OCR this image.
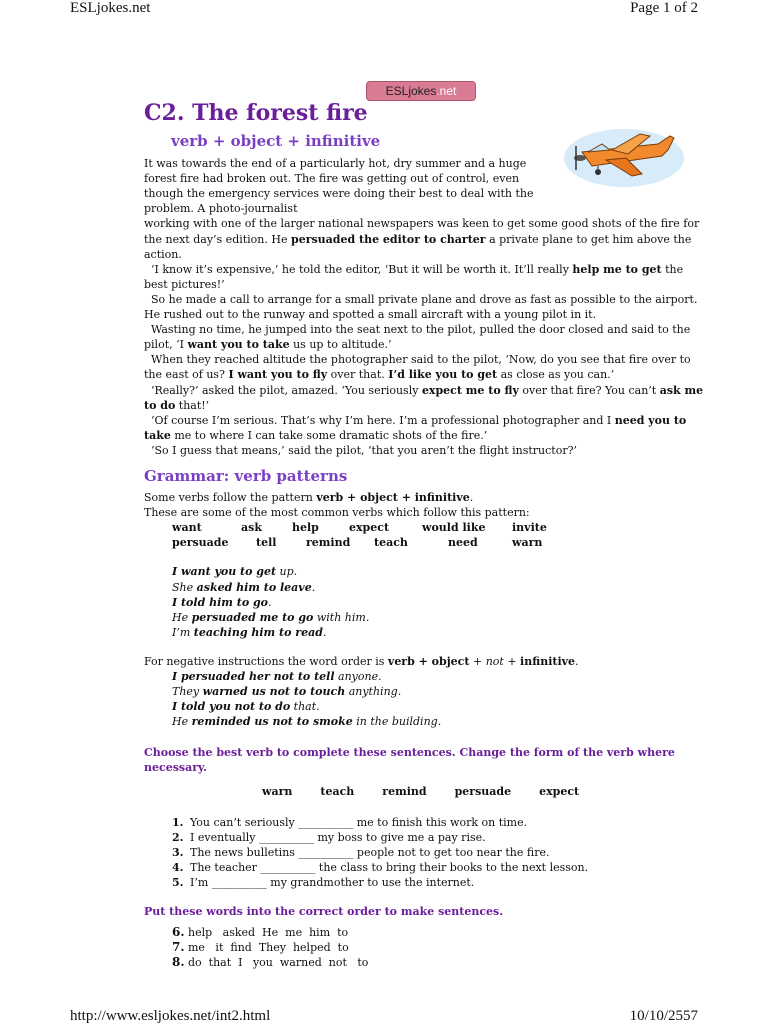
ESLjokes.net	Page 1 of 2
ESLjokes.net
C2. The forest fire
verb + object + infinitive

It was towards the end of a particularly hot, dry summer and a huge forest fire had broken out. The fire was getting out of control, even though the emergency services were doing their best to deal with the problem. A photo-journalist

working with one of the larger national newspapers was keen to get some good shots of the fire for the next day’s edition. He persuaded the editor to charter a private plane to get him above the action.

‘I know it’s expensive,’ he told the editor, ‘But it will be worth it. It’ll really help me to get the best pictures!’

So he made a call to arrange for a small private plane and drove as fast as possible to the airport. He rushed out to the runway and spotted a small aircraft with a young pilot in it.

Wasting no time, he jumped into the seat next to the pilot, pulled the door closed and said to the pilot, ‘I want you to take us up to altitude.’

When they reached altitude the photographer said to the pilot, ‘Now, do you see that fire over to the east of us? I want you to fly over that. I’d like you to get as close as you can.’

‘Really?’ asked the pilot, amazed. ‘You seriously expect me to fly over that fire? You can’t ask me to do that!’

‘Of course I’m serious. That’s why I’m here. I’m a professional photographer and I need you to take me to where I can take some dramatic shots of the fire.’

‘So I guess that means,’ said the pilot, ‘that you aren’t the flight instructor?’

Grammar: verb patterns

Some verbs follow the pattern verb + object + infinitive.

These are some of the most common verbs which follow this pattern:

want	ask	help	expect	would like	invite
persuade	tell	remind	teach	need	warn

I want you to get up.

She asked him to leave.

I told him to go.

He persuaded me to go with him.

I’m teaching him to read.

For negative instructions the word order is verb + object + not + infinitive.

I persuaded her not to tell anyone.

They warned us not to touch anything.

I told you not to do that.

He reminded us not to smoke in the building.

Choose the best verb to complete these sentences. Change the form of the verb where necessary.

warn	teach	remind	persuade	expect
1. You can’t seriously __________ me to finish this work on time.
2. I eventually __________ my boss to give me a pay rise.
3. The news bulletins __________ people not to get too near the fire.
4. The teacher __________ the class to bring their books to the next lesson.
5. I’m __________ my grandmother to use the internet.

Put these words into the correct order to make sentences.

6. help   asked  He  me  him  to
7. me   it  find  They  helped  to
8. do  that  I   you  warned  not   to
http://www.esljokes.net/int2.html	10/10/2557
